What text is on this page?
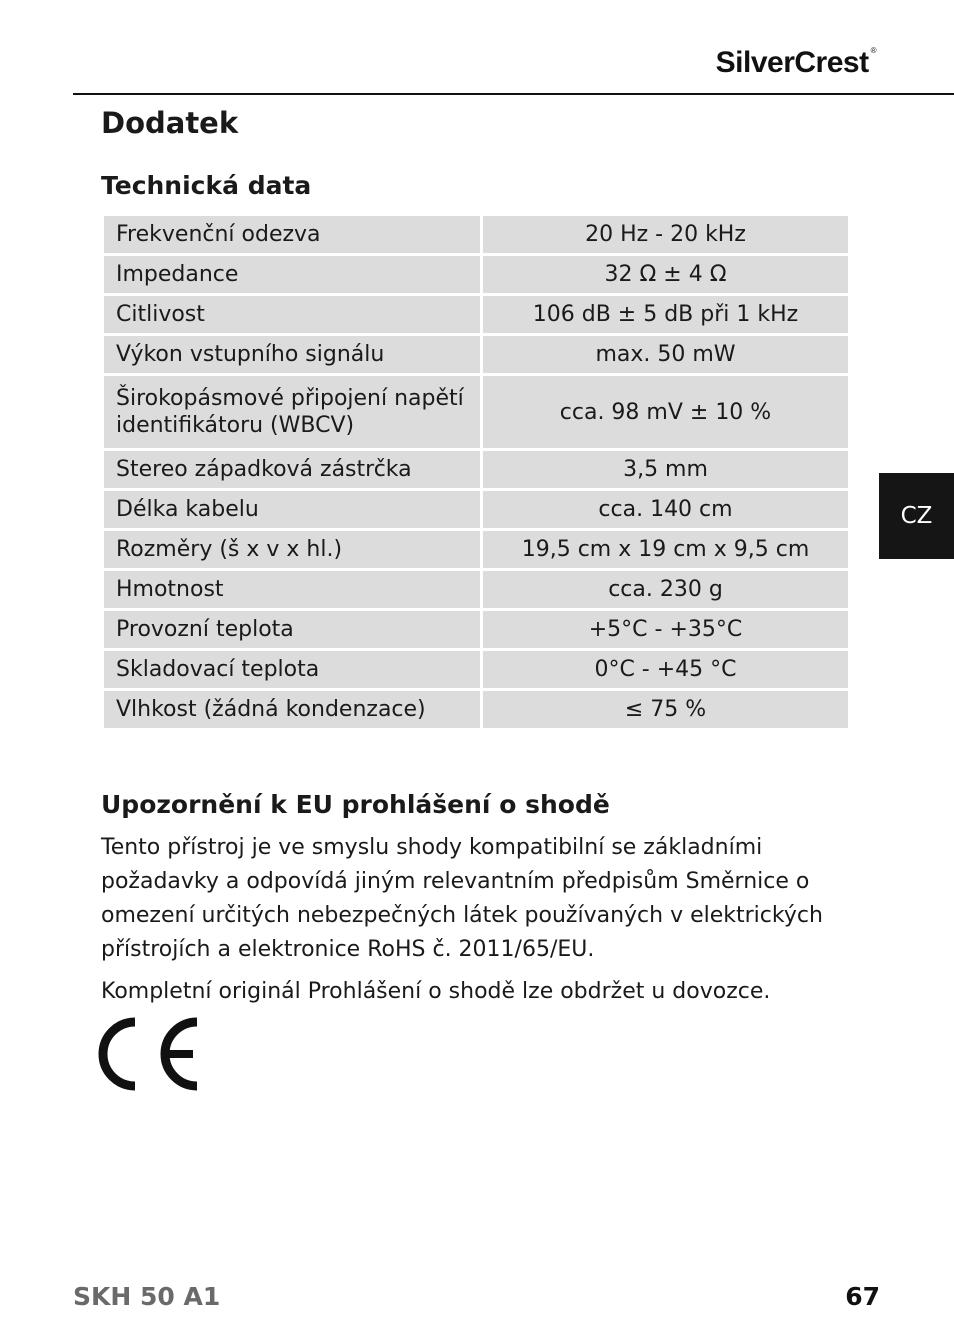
SilverCrest ®
Dodatek
Technická data
Frekvenční odezva	20 Hz - 20 kHz
Impedance	32 Ω ± 4 Ω
Citlivost	106 dB ± 5 dB při 1 kHz
Výkon vstupního signálu	max. 50 mW
Širokopásmové připojení napětí identifikátoru (WBCV)	cca. 98 mV ± 10 %
Stereo západková zástrčka	3,5 mm
Délka kabelu	cca. 140 cm
Rozměry (š x v x hl.)	19,5 cm x 19 cm x 9,5 cm
Hmotnost	cca. 230 g
Provozní teplota	+5°C - +35°C
Skladovací teplota	0°C - +45 °C
Vlhkost (žádná kondenzace)	≤ 75 %
Upozornění k EU prohlášení o shodě

Tento přístroj je ve smyslu shody kompatibilní se základními požadavky a odpovídá jiným relevantním předpisům Směrnice o omezení určitých nebezpečných látek používaných v elektrických přístrojích a elektronice RoHS č. 2011/65/EU.

Kompletní originál Prohlášení o shodě lze obdržet u dovozce.

CZ
SKH 50 A1	67
